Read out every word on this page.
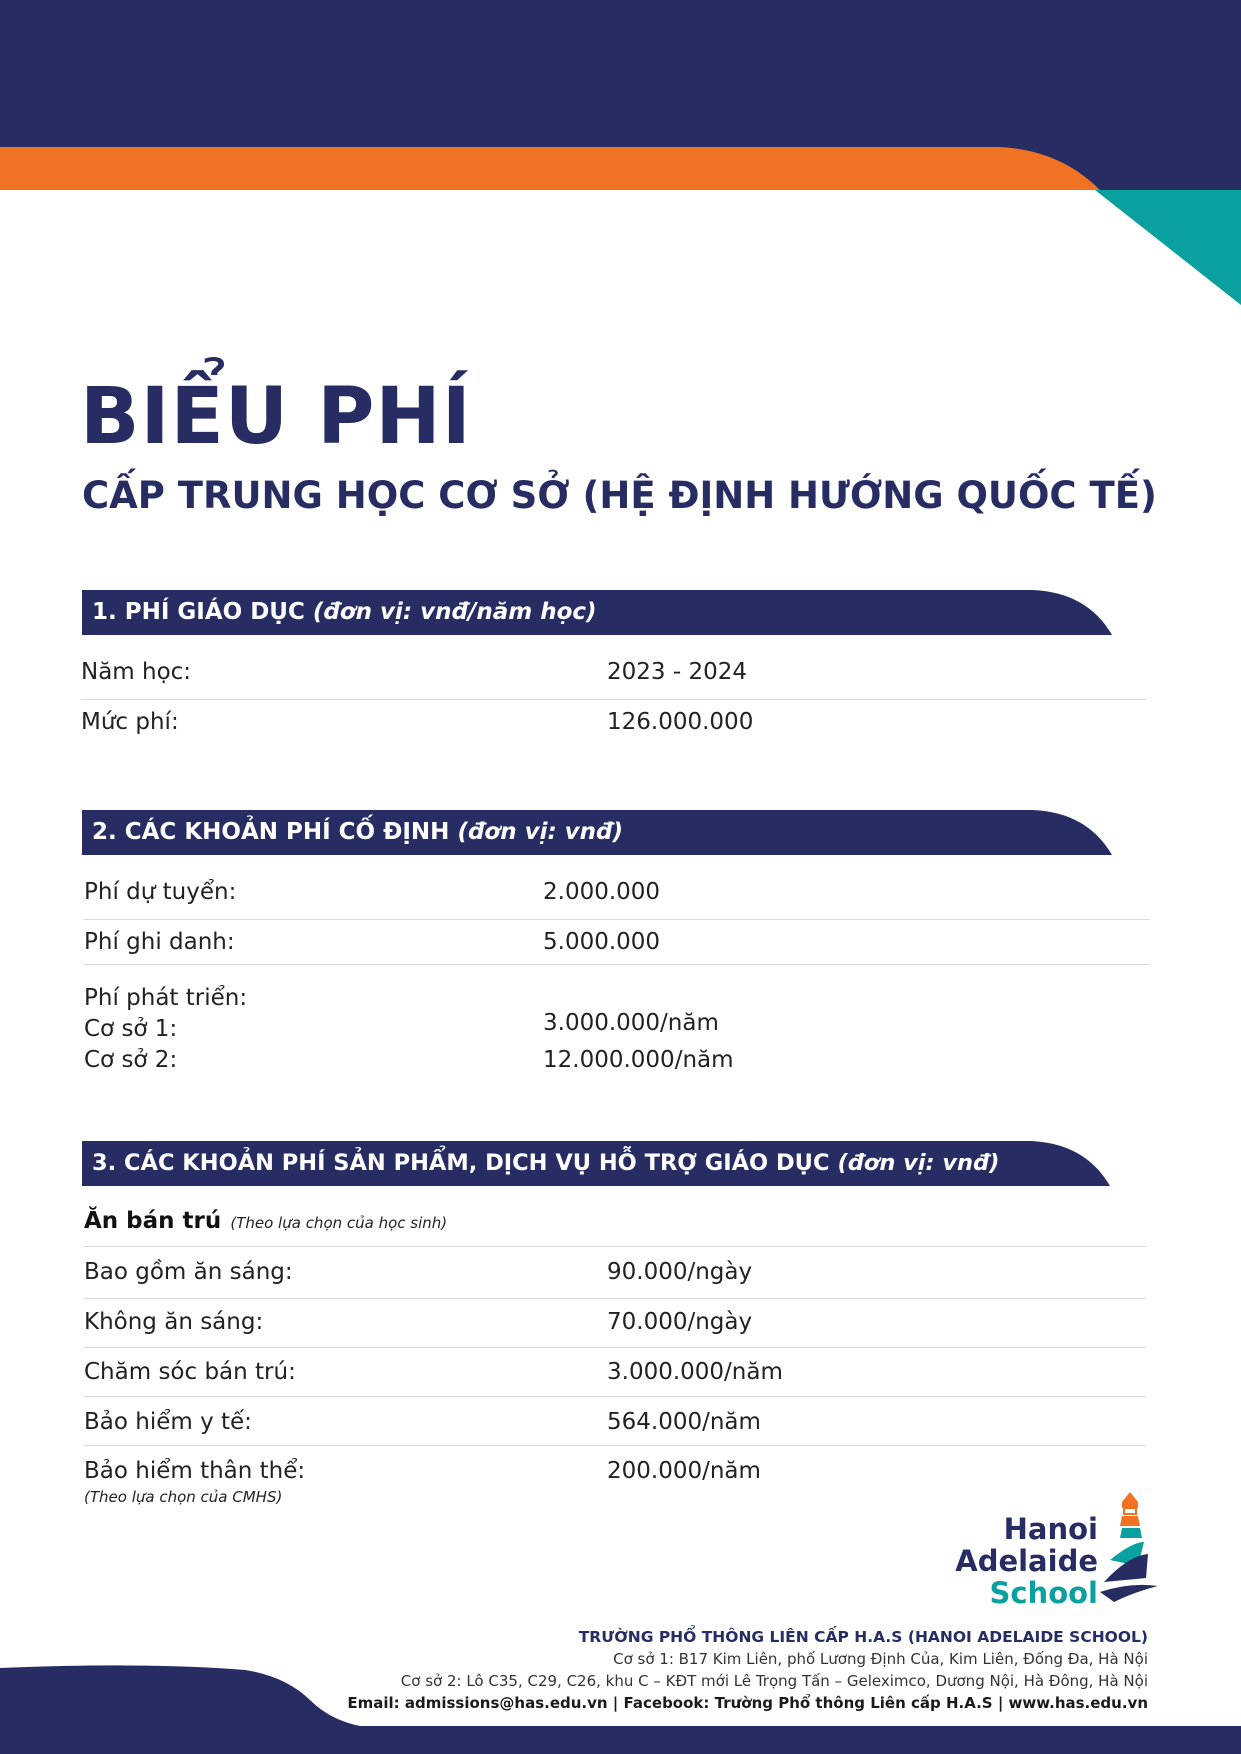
BIỂU PHÍ
CẤP TRUNG HỌC CƠ SỞ (HỆ ĐỊNH HƯỚNG QUỐC TẾ)
1. PHÍ GIÁO DỤC (đơn vị: vnđ/năm học)
Năm học:	2023 - 2024
Mức phí:	126.000.000
2. CÁC KHOẢN PHÍ CỐ ĐỊNH (đơn vị: vnđ)
Phí dự tuyển:	2.000.000
Phí ghi danh:	5.000.000
Phí phát triển:
Cơ sở 1:	3.000.000/năm
Cơ sở 2:	12.000.000/năm
3. CÁC KHOẢN PHÍ SẢN PHẨM, DỊCH VỤ HỖ TRỢ GIÁO DỤC (đơn vị: vnđ)
Ăn bán trú (Theo lựa chọn của học sinh)
Bao gồm ăn sáng:	90.000/ngày
Không ăn sáng:	70.000/ngày
Chăm sóc bán trú:	3.000.000/năm
Bảo hiểm y tế:	564.000/năm
Bảo hiểm thân thể:	200.000/năm
(Theo lựa chọn của CMHS)
Hanoi
Adelaide
School
TRƯỜNG PHỔ THÔNG LIÊN CẤP H.A.S (HANOI ADELAIDE SCHOOL)
Cơ sở 1: B17 Kim Liên, phố Lương Định Của, Kim Liên, Đống Đa, Hà Nội
Cơ sở 2: Lô C35, C29, C26, khu C – KĐT mới Lê Trọng Tấn – Geleximco, Dương Nội, Hà Đông, Hà Nội
Email: admissions@has.edu.vn | Facebook: Trường Phổ thông Liên cấp H.A.S | www.has.edu.vn
